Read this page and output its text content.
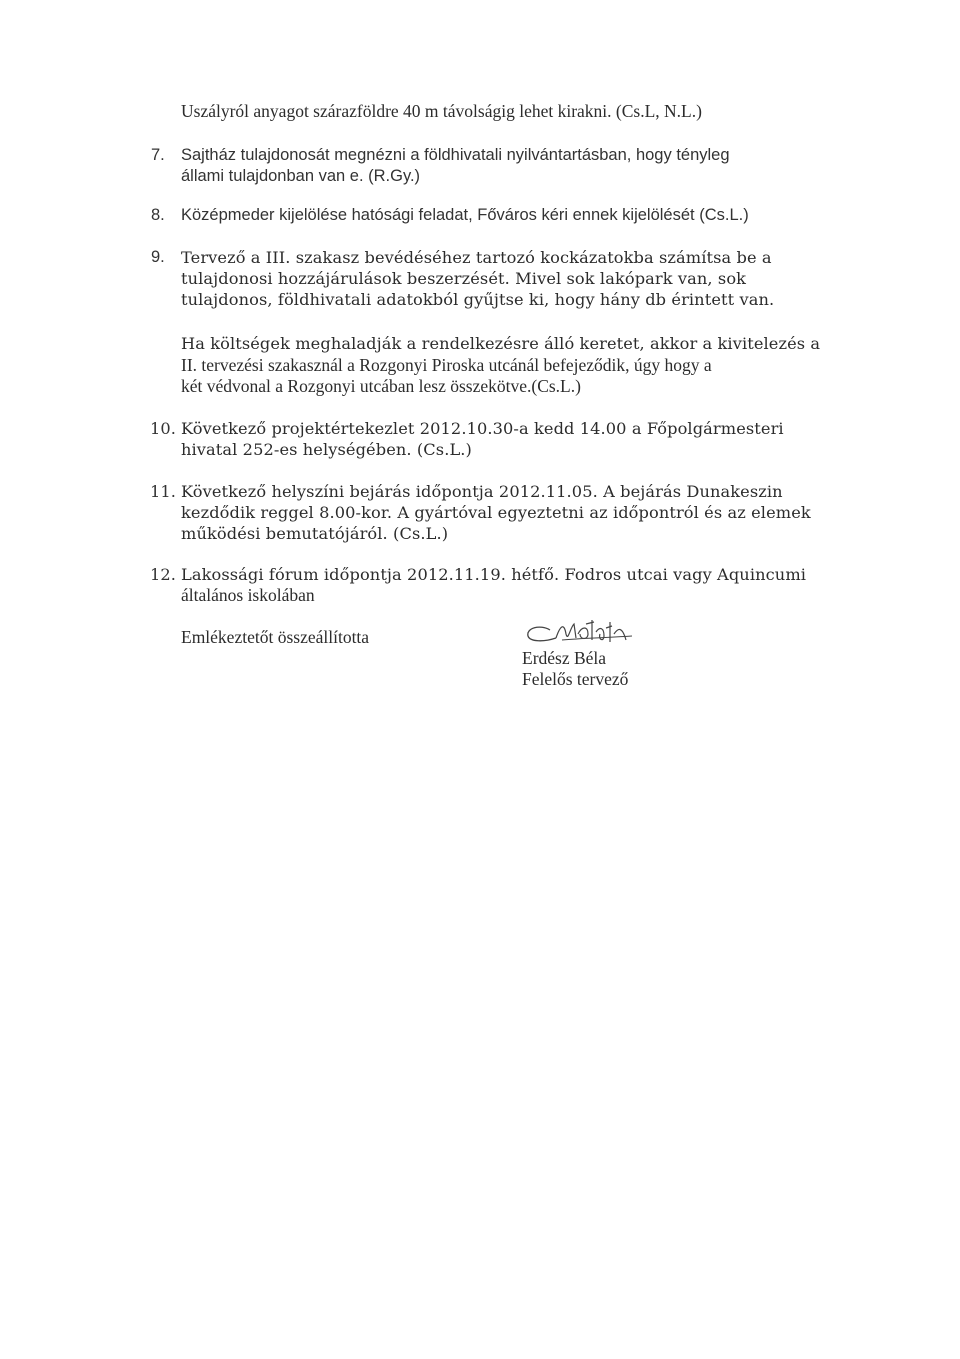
Uszályról anyagot szárazföldre 40 m távolságig lehet kirakni. (Cs.L, N.L.)
7. Sajtház tulajdonosát megnézni a földhivatali nyilvántartásban, hogy tényleg
állami tulajdonban van e. (R.Gy.)
8. Középmeder kijelölése hatósági feladat, Főváros kéri ennek kijelölését (Cs.L.)
9. Tervező a III. szakasz bevédéséhez tartozó kockázatokba számítsa be a
tulajdonosi hozzájárulások beszerzését. Mivel sok lakópark van, sok
tulajdonos, földhivatali adatokból gyűjtse ki, hogy hány db érintett van.
Ha költségek meghaladják a rendelkezésre álló keretet, akkor a kivitelezés a
II. tervezési szakasznál a Rozgonyi Piroska utcánál befejeződik, úgy hogy a
két védvonal a Rozgonyi utcában lesz összekötve.(Cs.L.)
10. Következő projektértekezlet 2012.10.30-a kedd 14.00 a Főpolgármesteri
hivatal 252-es helységében. (Cs.L.)
11. Következő helyszíni bejárás időpontja 2012.11.05. A bejárás Dunakeszin
kezdődik reggel 8.00-kor. A gyártóval egyeztetni az időpontról és az elemek
működési bemutatójáról. (Cs.L.)
12. Lakossági fórum időpontja 2012.11.19. hétfő. Fodros utcai vagy Aquincumi
általános iskolában
Emlékeztetőt összeállította
Erdész Béla
Felelős tervező
